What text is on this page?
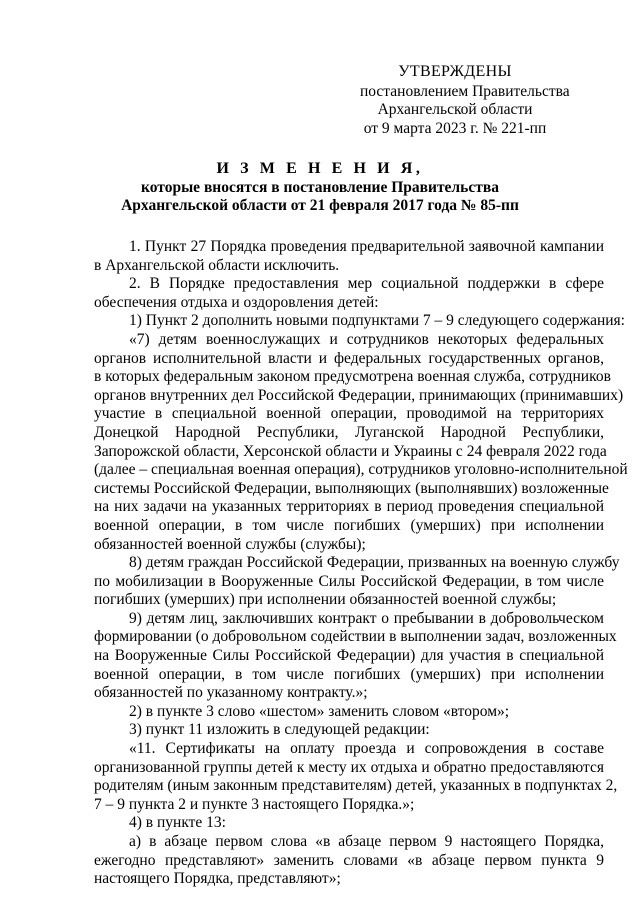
УТВЕРЖДЕНЫ
постановлением Правительства
Архангельской области
от 9 марта 2023 г. № 221-пп
И З М Е Н Е Н И Я,
которые вносятся в постановление Правительства
Архангельской области от 21 февраля 2017 года № 85-пп
1. Пункт 27 Порядка проведения предварительной заявочной кампании
в Архангельской области исключить.
2. В Порядке предоставления мер социальной поддержки в сфере
обеспечения отдыха и оздоровления детей:
1) Пункт 2 дополнить новыми подпунктами 7 – 9 следующего содержания:
«7) детям военнослужащих и сотрудников некоторых федеральных
органов исполнительной власти и федеральных государственных органов,
в которых федеральным законом предусмотрена военная служба, сотрудников
органов внутренних дел Российской Федерации, принимающих (принимавших)
участие в специальной военной операции, проводимой на территориях
Донецкой Народной Республики, Луганской Народной Республики,
Запорожской области, Херсонской области и Украины с 24 февраля 2022 года
(далее – специальная военная операция), сотрудников уголовно-исполнительной
системы Российской Федерации, выполняющих (выполнявших) возложенные
на них задачи на указанных территориях в период проведения специальной
военной операции, в том числе погибших (умерших) при исполнении
обязанностей военной службы (службы);
8) детям граждан Российской Федерации, призванных на военную службу
по мобилизации в Вооруженные Силы Российской Федерации, в том числе
погибших (умерших) при исполнении обязанностей военной службы;
9) детям лиц, заключивших контракт о пребывании в добровольческом
формировании (о добровольном содействии в выполнении задач, возложенных
на Вооруженные Силы Российской Федерации) для участия в специальной
военной операции, в том числе погибших (умерших) при исполнении
обязанностей по указанному контракту.»;
2) в пункте 3 слово «шестом» заменить словом «втором»;
3) пункт 11 изложить в следующей редакции:
«11. Сертификаты на оплату проезда и сопровождения в составе
организованной группы детей к месту их отдыха и обратно предоставляются
родителям (иным законным представителям) детей, указанных в подпунктах 2,
7 – 9 пункта 2 и пункте 3 настоящего Порядка.»;
4) в пункте 13:
а) в абзаце первом слова «в абзаце первом 9 настоящего Порядка,
ежегодно представляют» заменить словами «в абзаце первом пункта 9
настоящего Порядка, представляют»;
